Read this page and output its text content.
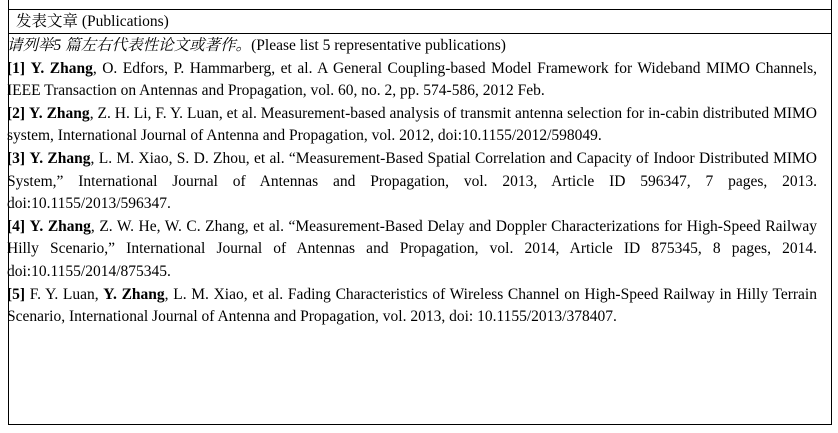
发表文章 (Publications)
请列举5 篇左右代表性论文或著作。(Please list 5 representative publications)

[1] Y. Zhang, O. Edfors, P. Hammarberg, et al. A General Coupling-based Model Framework for Wideband MIMO Channels, IEEE Transaction on Antennas and Propagation, vol. 60, no. 2, pp. 574-586, 2012 Feb.

[2] Y. Zhang, Z. H. Li, F. Y. Luan, et al. Measurement-based analysis of transmit antenna selection for in-cabin distributed MIMO system, International Journal of Antenna and Propagation, vol. 2012, doi:10.1155/2012/598049.

[3] Y. Zhang, L. M. Xiao, S. D. Zhou, et al. “Measurement-Based Spatial Correlation and Capacity of Indoor Distributed MIMO System,” International Journal of Antennas and Propagation, vol. 2013, Article ID 596347, 7 pages, 2013. doi:10.1155/2013/596347.

[4] Y. Zhang, Z. W. He, W. C. Zhang, et al. “Measurement-Based Delay and Doppler Characterizations for High-Speed Railway Hilly Scenario,” International Journal of Antennas and Propagation, vol. 2014, Article ID 875345, 8 pages, 2014. doi:10.1155/2014/875345.

[5] F. Y. Luan, Y. Zhang, L. M. Xiao, et al. Fading Characteristics of Wireless Channel on High-Speed Railway in Hilly Terrain Scenario, International Journal of Antenna and Propagation, vol. 2013, doi: 10.1155/2013/378407.
